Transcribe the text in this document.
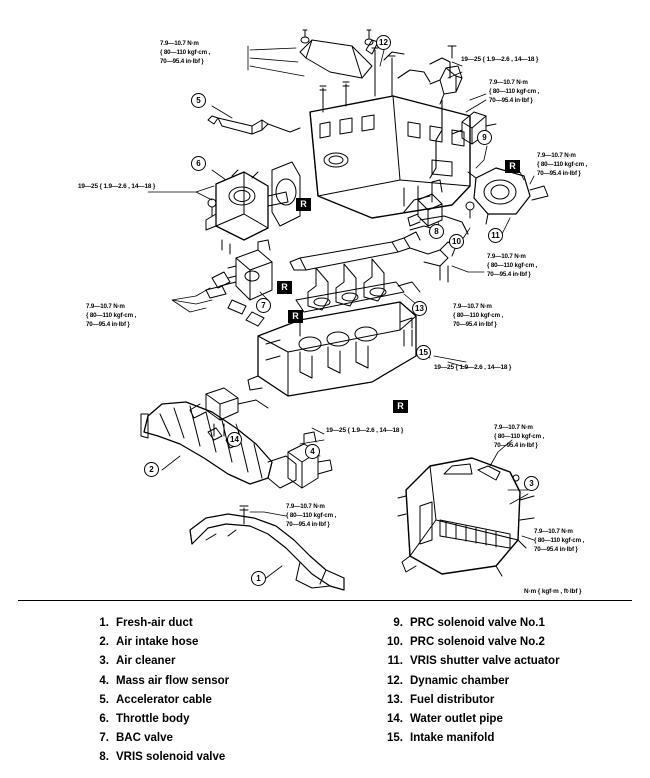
7.9—10.7 N·m
{ 80—110 kgf·cm ,
70—95.4 in·lbf }
7.9—10.7 N·m
{ 80—110 kgf·cm ,
70—95.4 in·lbf }
7.9—10.7 N·m
{ 80—110 kgf·cm ,
70—95.4 in·lbf }
7.9—10.7 N·m
{ 80—110 kgf·cm ,
70—95.4 in·lbf }
7.9—10.7 N·m
{ 80—110 kgf·cm ,
70—95.4 in·lbf }
7.9—10.7 N·m
{ 80—110 kgf·cm ,
70—95.4 in·lbf }
7.9—10.7 N·m
{ 80—110 kgf·cm ,
70—95.4 in·lbf }
7.9—10.7 N·m
{ 80—110 kgf·cm ,
70—95.4 in·lbf }
7.9—10.7 N·m
{ 80—110 kgf·cm ,
70—95.4 in·lbf }
19—25 { 1.9—2.6 , 14—18 }
19—25 { 1.9—2.6 , 14—18 }
19—25 { 1.9—2.6 , 14—18 }
19—25 { 1.9—2.6 , 14—18 }
N·m { kgf·m , ft·lbf }
1
2
3
4
5
6
7
8
9
10
11
12
13
14
15
R
R
R
R
R
1. Fresh-air duct
2. Air intake hose
3. Air cleaner
4. Mass air flow sensor
5. Accelerator cable
6. Throttle body
7. BAC valve
8. VRIS solenoid valve
9. PRC solenoid valve No.1
10. PRC solenoid valve No.2
11. VRIS shutter valve actuator
12. Dynamic chamber
13. Fuel distributor
14. Water outlet pipe
15. Intake manifold
